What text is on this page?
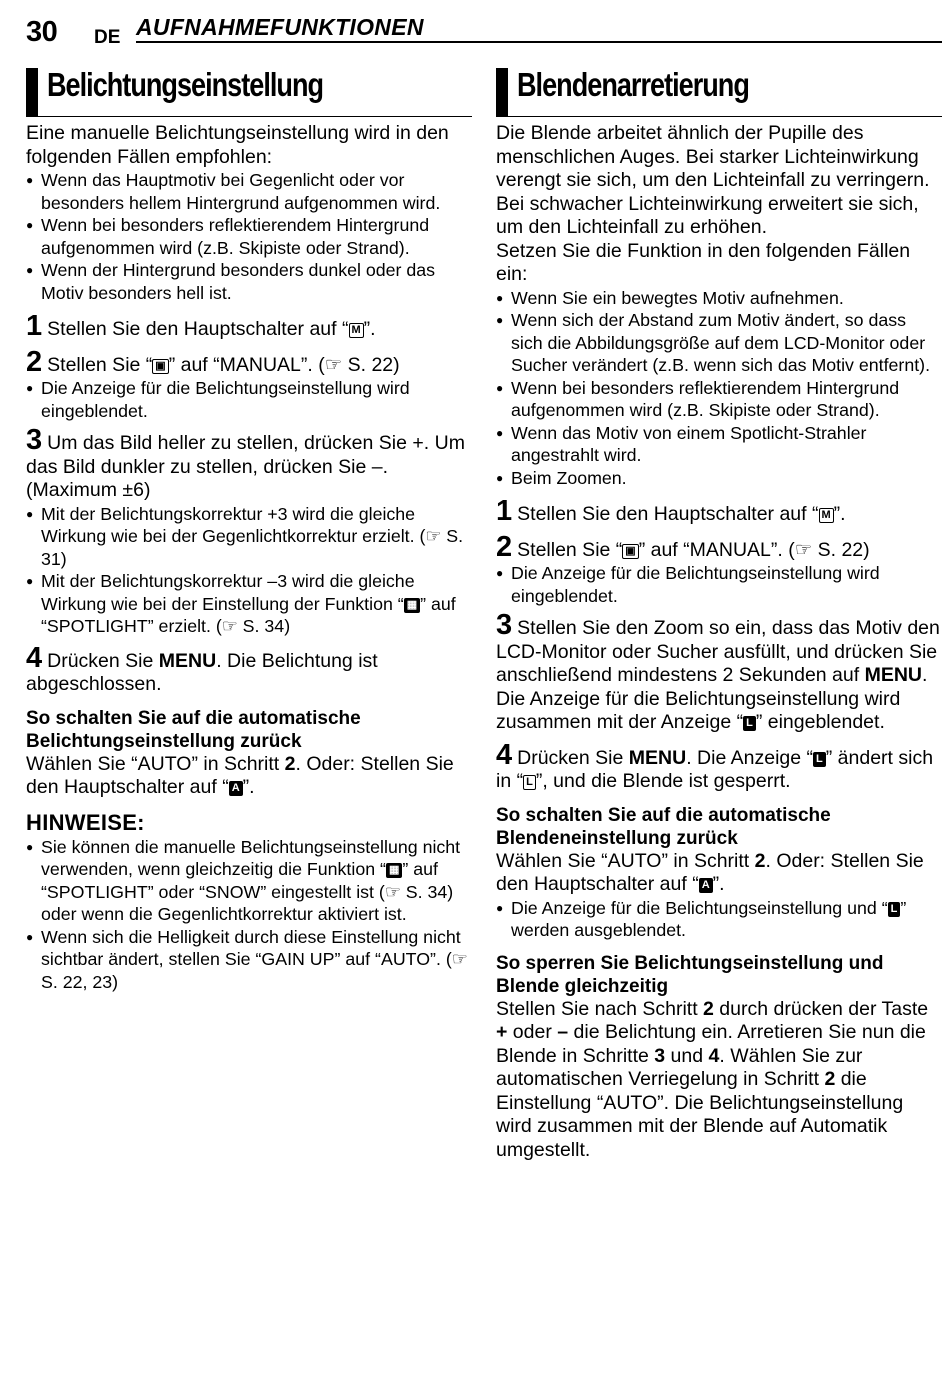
30 DE AUFNAHMEFUNKTIONEN
Belichtungseinstellung

Eine manuelle Belichtungseinstellung wird in den folgenden Fällen empfohlen:

● Wenn das Hauptmotiv bei Gegenlicht oder vor besonders hellem Hintergrund aufgenommen wird.

● Wenn bei besonders reflektierendem Hintergrund aufgenommen wird (z.B. Skipiste oder Strand).

● Wenn der Hintergrund besonders dunkel oder das Motiv besonders hell ist.

1 Stellen Sie den Hauptschalter auf “ M ”.

2 Stellen Sie “ ▣ ” auf “MANUAL”. (☞ S. 22)

● Die Anzeige für die Belichtungseinstellung wird eingeblendet.

3 Um das Bild heller zu stellen, drücken Sie +. Um das Bild dunkler zu stellen, drücken Sie –. (Maximum ±6)

● Mit der Belichtungskorrektur +3 wird die gleiche Wirkung wie bei der Gegenlichtkorrektur erzielt. (☞ S. 31)

● Mit der Belichtungskorrektur –3 wird die gleiche Wirkung wie bei der Einstellung der Funktion “ ▦ ” auf “SPOTLIGHT” erzielt. (☞ S. 34)

4 Drücken Sie MENU. Die Belichtung ist abgeschlossen.

So schalten Sie auf die automatische Belichtungseinstellung zurück

Wählen Sie “AUTO” in Schritt 2. Oder: Stellen Sie den Hauptschalter auf “ A ”.

HINWEISE:

● Sie können die manuelle Belichtungseinstellung nicht verwenden, wenn gleichzeitig die Funktion “ ▦ ” auf “SPOTLIGHT” oder “SNOW” eingestellt ist (☞ S. 34) oder wenn die Gegenlichtkorrektur aktiviert ist.

● Wenn sich die Helligkeit durch diese Einstellung nicht sichtbar ändert, stellen Sie “GAIN UP” auf “AUTO”. (☞ S. 22, 23)

Blendenarretierung

Die Blende arbeitet ähnlich der Pupille des menschlichen Auges. Bei starker Lichteinwirkung verengt sie sich, um den Lichteinfall zu verringern. Bei schwacher Lichteinwirkung erweitert sie sich, um den Lichteinfall zu erhöhen.

Setzen Sie die Funktion in den folgenden Fällen ein:

● Wenn Sie ein bewegtes Motiv aufnehmen.

● Wenn sich der Abstand zum Motiv ändert, so dass sich die Abbildungsgröße auf dem LCD-Monitor oder Sucher verändert (z.B. wenn sich das Motiv entfernt).

● Wenn bei besonders reflektierendem Hintergrund aufgenommen wird (z.B. Skipiste oder Strand).

● Wenn das Motiv von einem Spotlicht-Strahler angestrahlt wird.

● Beim Zoomen.

1 Stellen Sie den Hauptschalter auf “ M ”.

2 Stellen Sie “ ▣ ” auf “MANUAL”. (☞ S. 22)

● Die Anzeige für die Belichtungseinstellung wird eingeblendet.

3 Stellen Sie den Zoom so ein, dass das Motiv den LCD-Monitor oder Sucher ausfüllt, und drücken Sie anschließend mindestens 2 Sekunden auf MENU. Die Anzeige für die Belichtungseinstellung wird zusammen mit der Anzeige “ L ” eingeblendet.

4 Drücken Sie MENU. Die Anzeige “ L ” ändert sich in “ L ”, und die Blende ist gesperrt.

So schalten Sie auf die automatische Blendeneinstellung zurück

Wählen Sie “AUTO” in Schritt 2. Oder: Stellen Sie den Hauptschalter auf “ A ”.

● Die Anzeige für die Belichtungseinstellung und “ L ” werden ausgeblendet.

So sperren Sie Belichtungseinstellung und Blende gleichzeitig

Stellen Sie nach Schritt 2 durch drücken der Taste + oder – die Belichtung ein. Arretieren Sie nun die Blende in Schritte 3 und 4. Wählen Sie zur automatischen Verriegelung in Schritt 2 die Einstellung “AUTO”. Die Belichtungseinstellung wird zusammen mit der Blende auf Automatik umgestellt.
